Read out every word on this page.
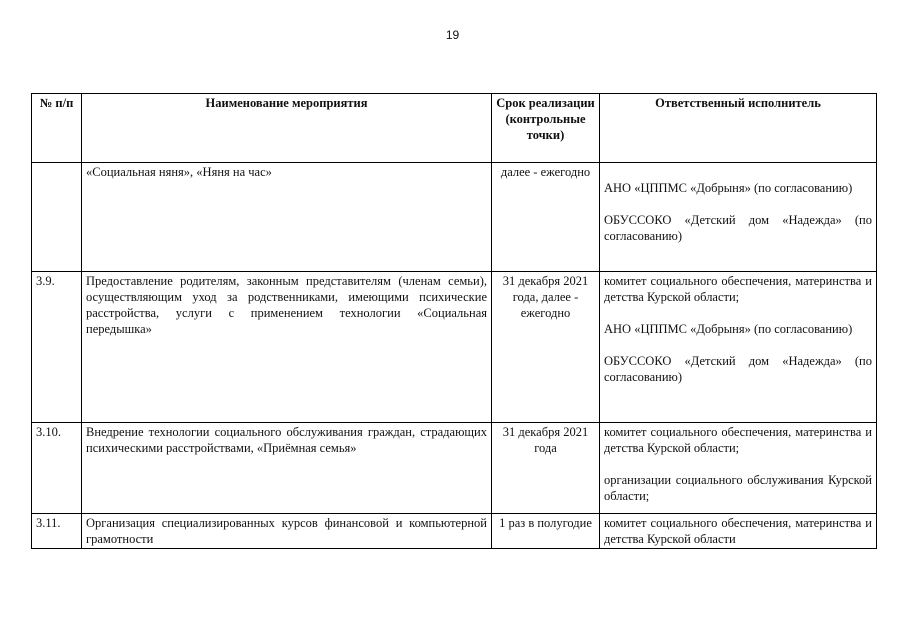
19
№ п/п	Наименование мероприятия	Срок реализации (контрольные точки)	Ответственный исполнитель
	«Социальная няня», «Няня на час»	далее - ежегодно	АНО «ЦППМС «Добрыня» (по согласованию)
ОБУССОКО «Детский дом «Надежда» (по согласованию)

3.9.	Предоставление родителям, законным представителям (членам семьи), осуществляющим уход за родственниками, имеющими психические расстройства, услуги с применением технологии «Социальная передышка»	31 декабря 2021 года, далее - ежегодно	комитет социального обеспечения, материнства и детства Курской области;
АНО «ЦППМС «Добрыня» (по согласованию)
ОБУССОКО «Детский дом «Надежда» (по согласованию)

3.10.	Внедрение технологии социального обслуживания граждан, страдающих психическими расстройствами, «Приёмная семья»	31 декабря 2021 года	комитет социального обеспечения, материнства и детства Курской области;
организации социального обслуживания Курской области;

3.11.	Организация специализированных курсов финансовой и компьютерной грамотности	1 раз в полугодие	комитет социального обеспечения, материнства и детства Курской области
